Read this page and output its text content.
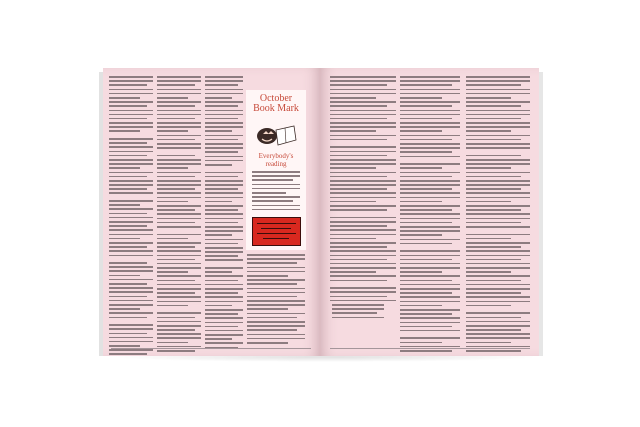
October
Book Mark
Everybody's
reading
